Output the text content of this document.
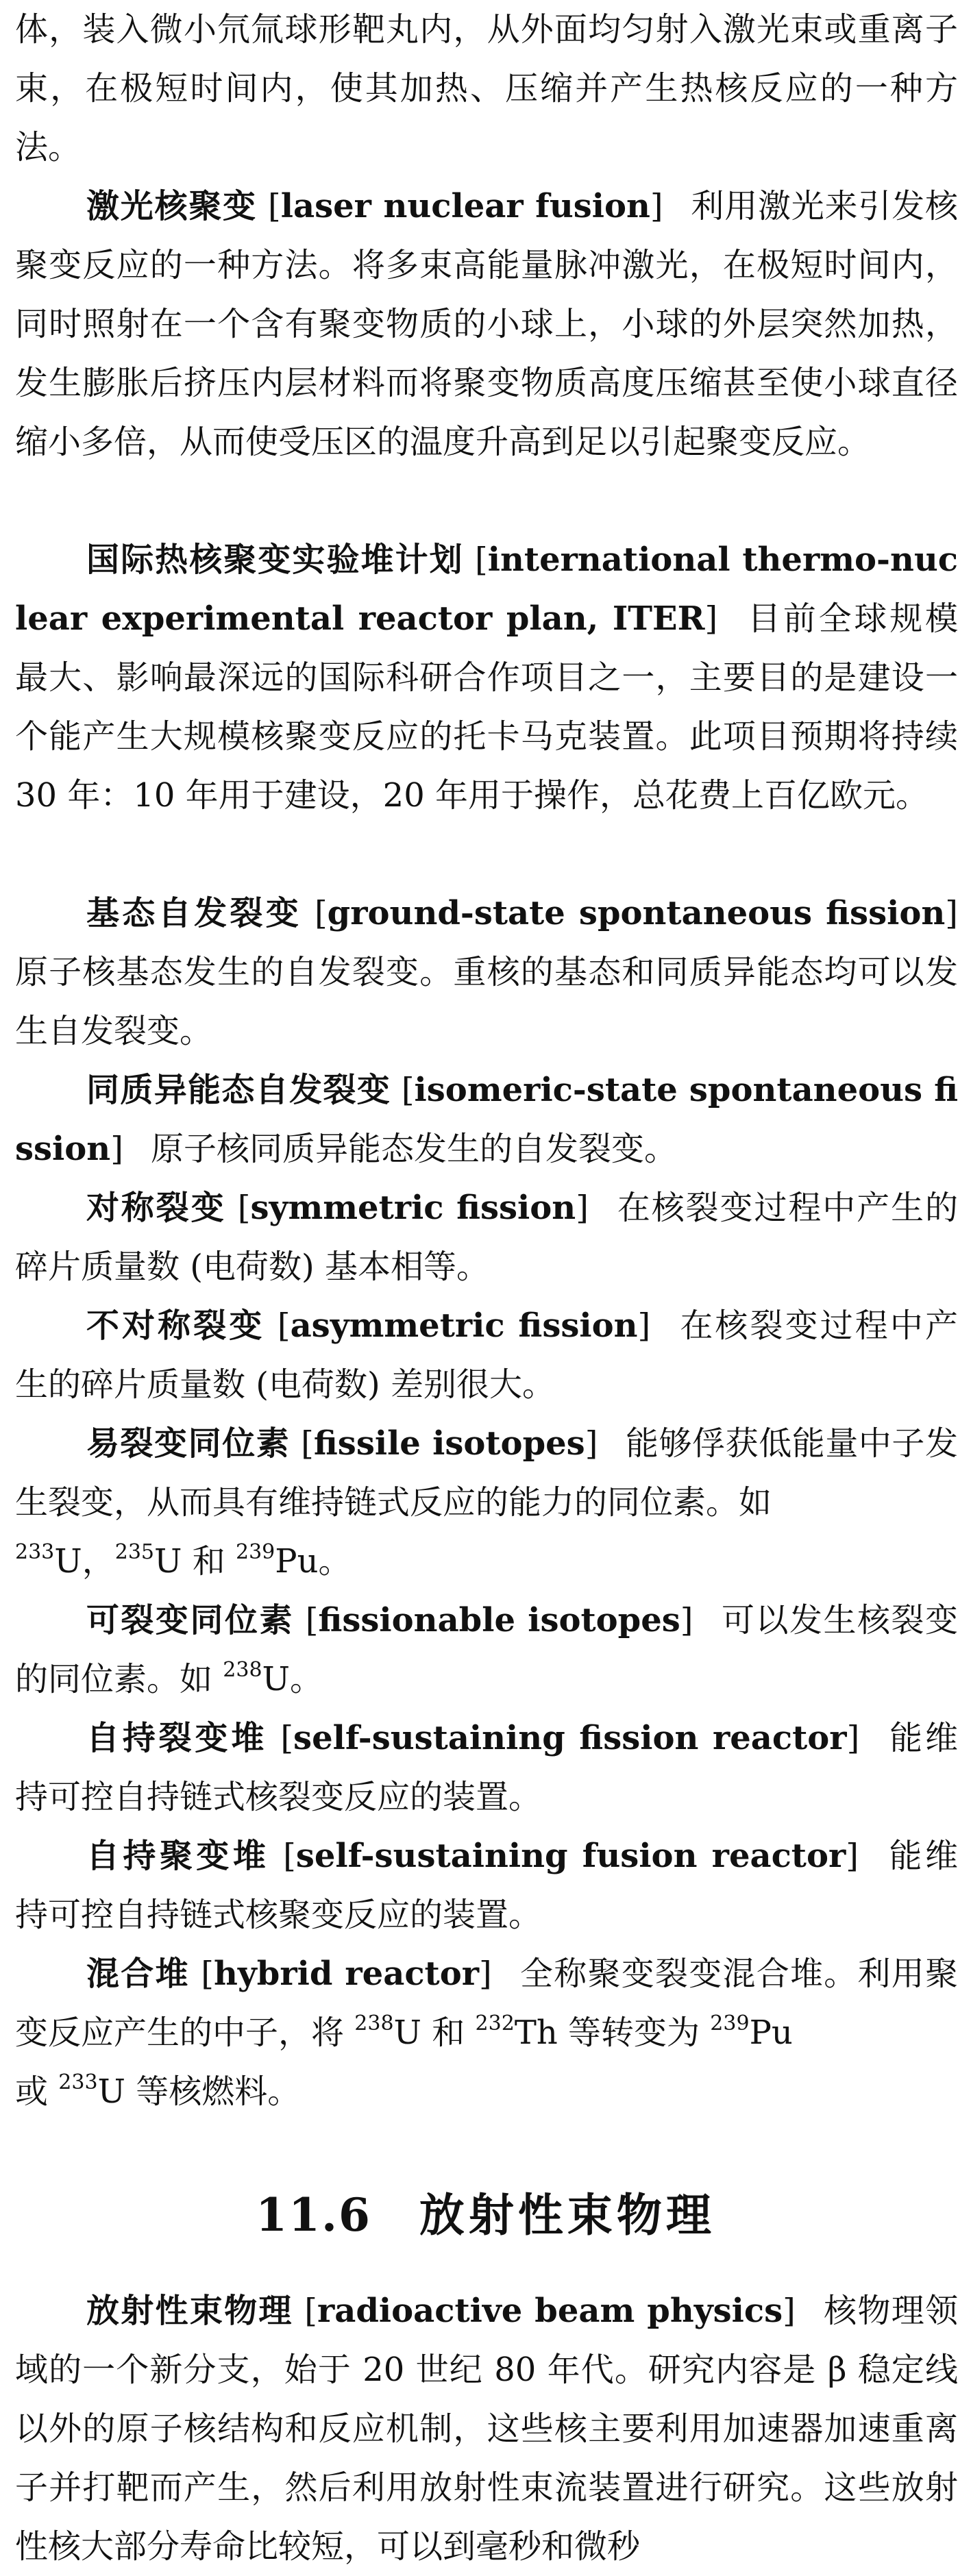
体，装入微小氘氚球形靶丸内，从外面均匀射入激光束或重离子束，在极短时间内，使其加热、压缩并产生热核反应的一种方法。

激光核聚变 [laser nuclear fusion] 利用激光来引发核聚变反应的一种方法。将多束高能量脉冲激光，在极短时间内，同时照射在一个含有聚变物质的小球上，小球的外层突然加热，发生膨胀后挤压内层材料而将聚变物质高度压缩甚至使小球直径缩小多倍，从而使受压区的温度升高到足以引起聚变反应。

国际热核聚变实验堆计划 [international thermo-nuclear experimental reactor plan, ITER] 目前全球规模最大、影响最深远的国际科研合作项目之一，主要目的是建设一个能产生大规模核聚变反应的托卡马克装置。此项目预期将持续 30 年：10 年用于建设，20 年用于操作，总花费上百亿欧元。

基态自发裂变 [ground-state spontaneous fission] 原子核基态发生的自发裂变。重核的基态和同质异能态均可以发生自发裂变。

同质异能态自发裂变 [isomeric-state spontaneous fission] 原子核同质异能态发生的自发裂变。

对称裂变 [symmetric fission] 在核裂变过程中产生的碎片质量数 (电荷数) 基本相等。

不对称裂变 [asymmetric fission] 在核裂变过程中产生的碎片质量数 (电荷数) 差别很大。

易裂变同位素 [fissile isotopes] 能够俘获低能量中子发生裂变，从而具有维持链式反应的能力的同位素。如
$^{233}$U，$^{235}$U 和 $^{239}$Pu。

可裂变同位素 [fissionable isotopes] 可以发生核裂变的同位素。如 $^{238}$U。

自持裂变堆 [self-sustaining fission reactor] 能维持可控自持链式核裂变反应的装置。

自持聚变堆 [self-sustaining fusion reactor] 能维持可控自持链式核聚变反应的装置。

混合堆 [hybrid reactor] 全称聚变裂变混合堆。利用聚变反应产生的中子，将 $^{238}$U 和 $^{232}$Th 等转变为 $^{239}$Pu
或 $^{233}$U 等核燃料。

11.6 放射性束物理

放射性束物理 [radioactive beam physics] 核物理领域的一个新分支，始于 20 世纪 80 年代。研究内容是 β 稳定线以外的原子核结构和反应机制，这些核主要利用加速器加速重离子并打靶而产生，然后利用放射性束流装置进行研究。这些放射性核大部分寿命比较短，可以到毫秒和微秒
